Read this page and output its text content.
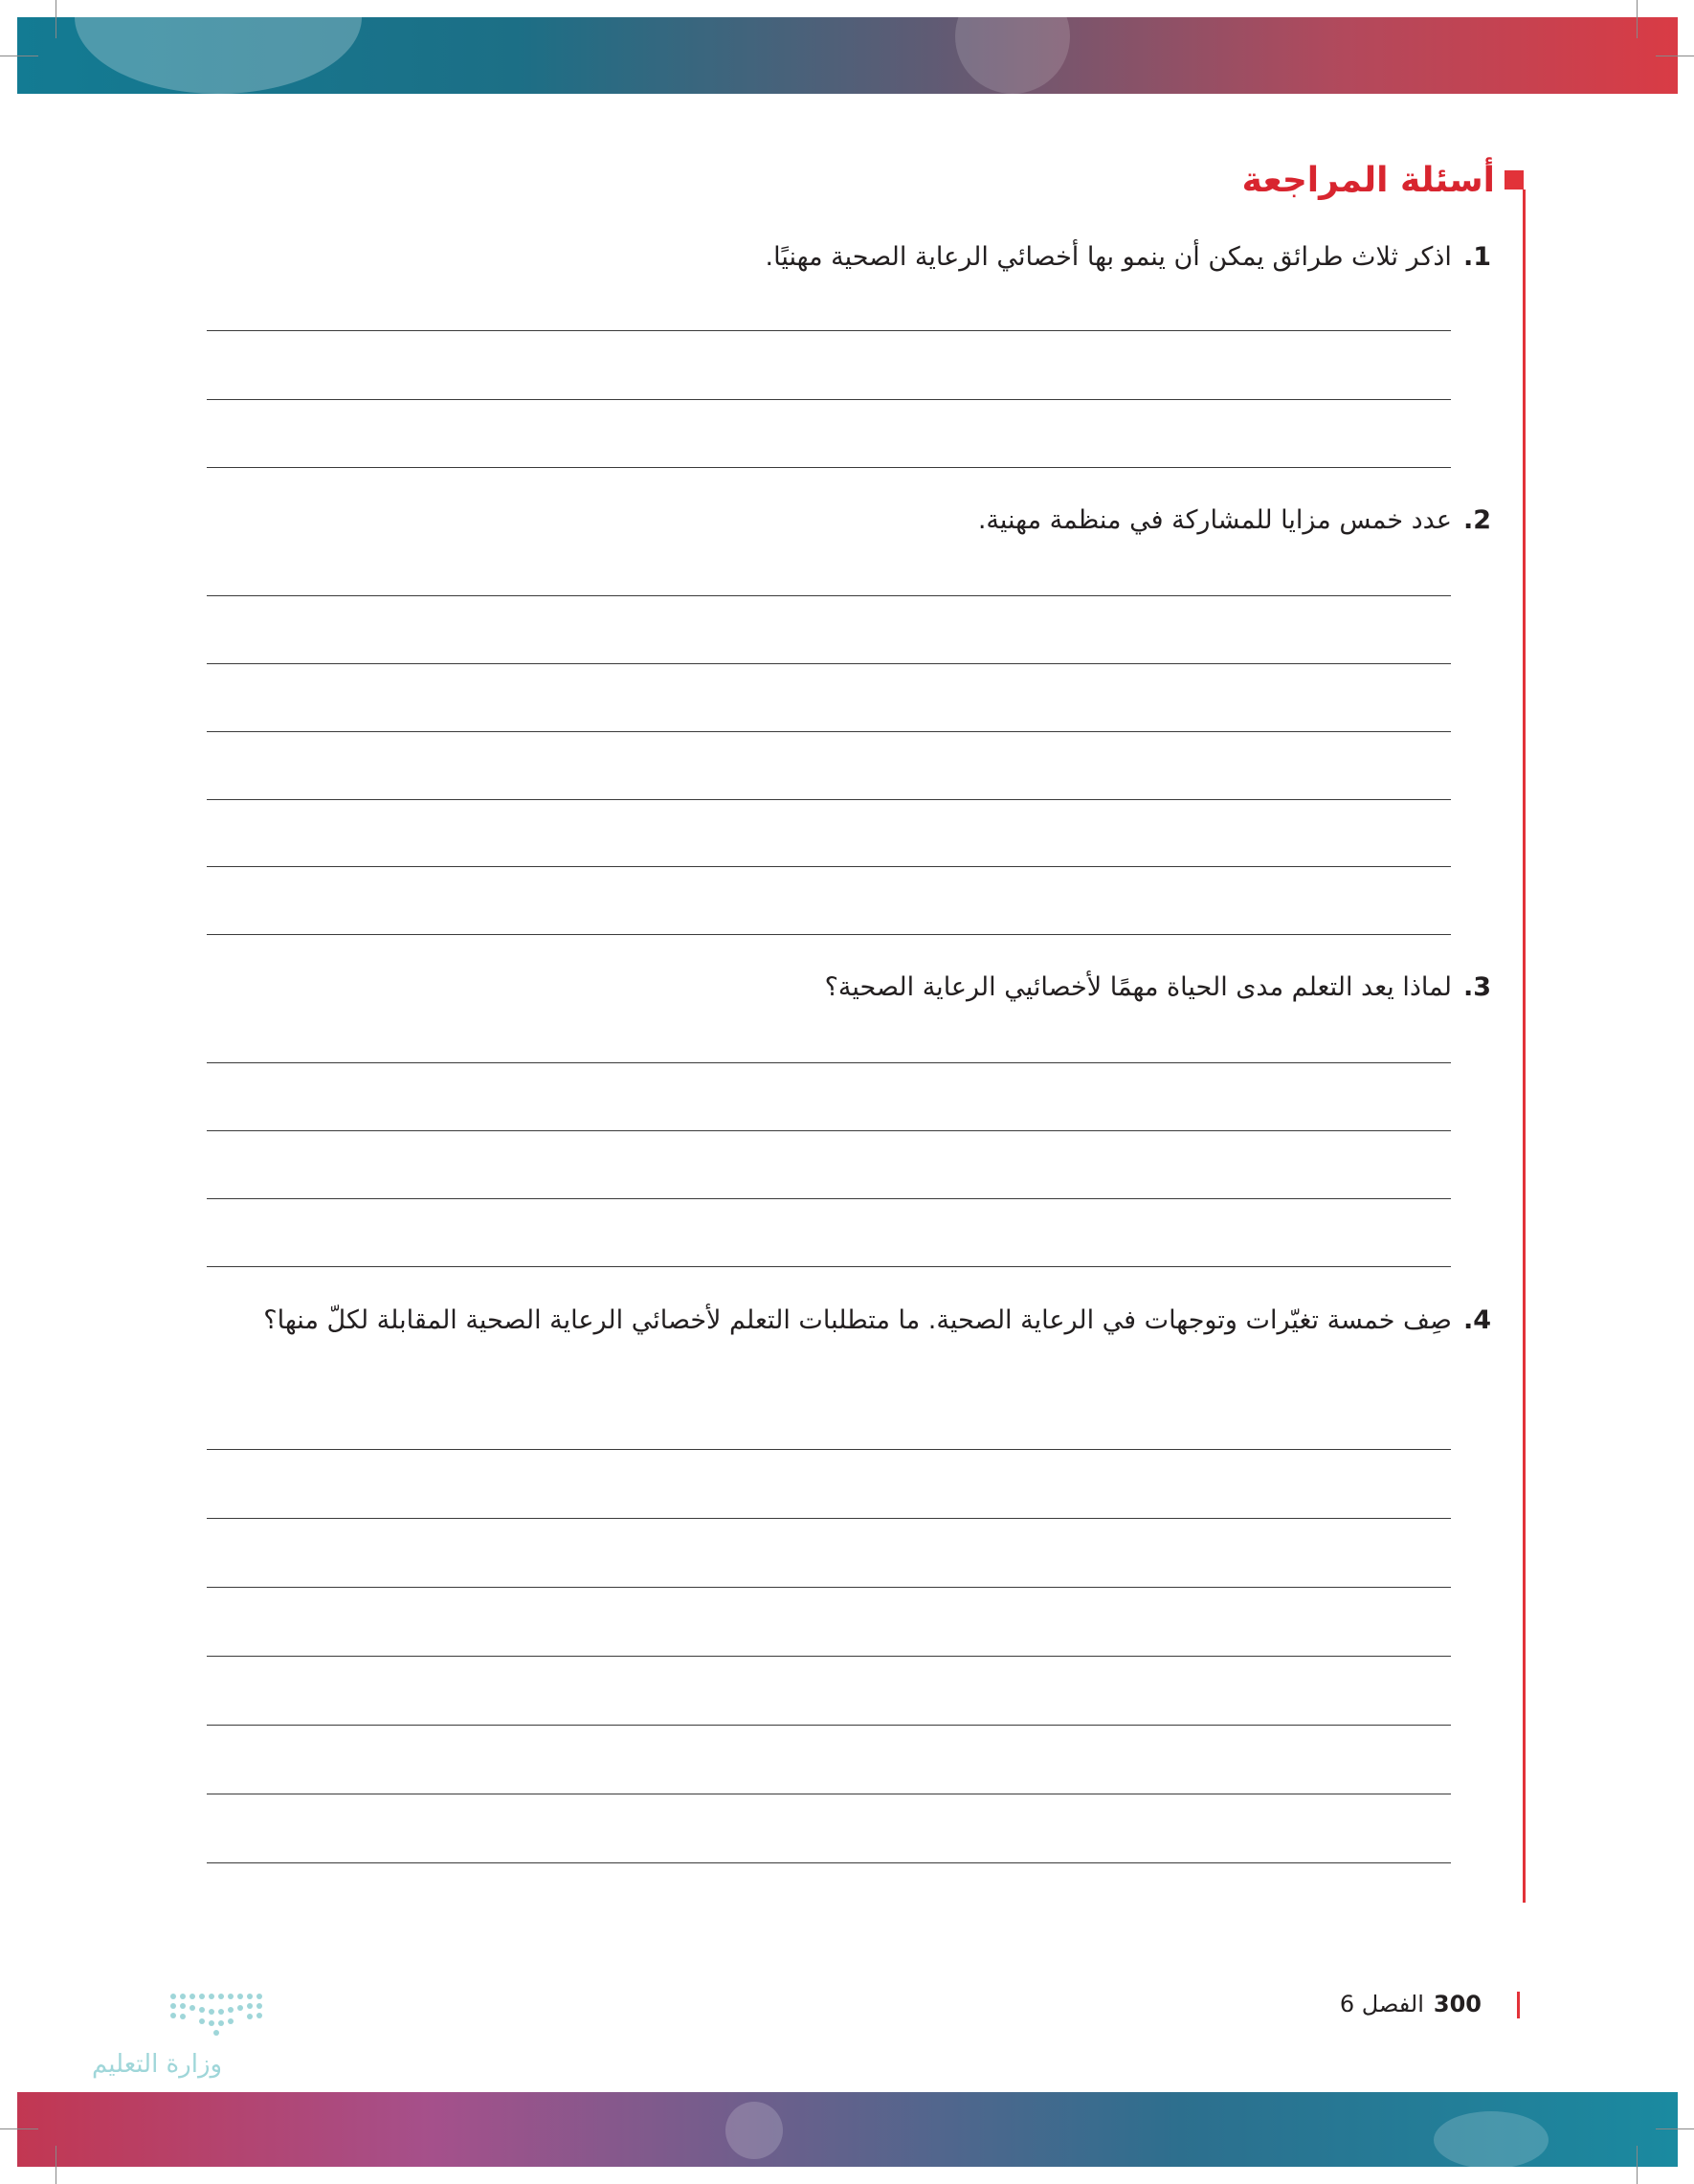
أسئلة المراجعة
1.اذكر ثلاث طرائق يمكن أن ينمو بها أخصائي الرعاية الصحية مهنيًا.
2.عدد خمس مزايا للمشاركة في منظمة مهنية.
3.لماذا يعد التعلم مدى الحياة مهمًا لأخصائيي الرعاية الصحية؟
4.صِف خمسة تغيّرات وتوجهات في الرعاية الصحية. ما متطلبات التعلم لأخصائي الرعاية الصحية المقابلة لكلّ منها؟
300الفصل 6
وزارة التعليم
